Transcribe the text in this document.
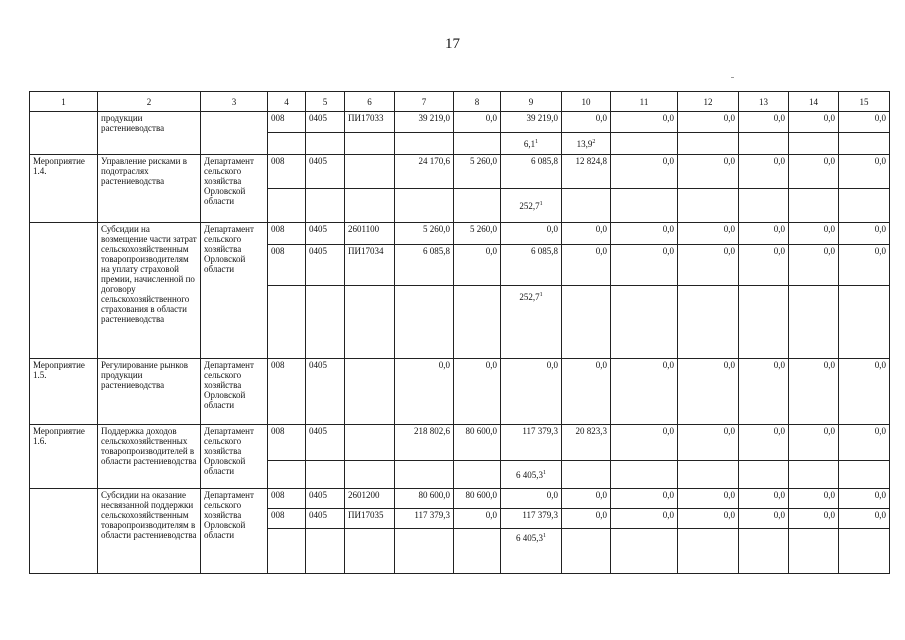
17
1	2	3	4	5	6	7	8	9	10	11	12	13	14	15
	продукции растениеводства		008	0405	ПИ17033	39 219,0	0,0	39 219,0	0,0	0,0	0,0	0,0	0,0	0,0
								$6,1^1$	13,9$^2$					
Мероприятие 1.4.	Управление рисками в подотраслях растениеводства	Департамент сельского хозяйства Орловской области	008	0405		24 170,6	5 260,0	6 085,8	12 824,8	0,0	0,0	0,0	0,0	0,0
								252,7$^1$						
	Субсидии на возмещение части затрат сельскохозяйственным товаропроизводителям на уплату страховой премии, начисленной по договору сельскохозяйственного страхования в области растениеводства	Департамент сельского хозяйства Орловской области	008	0405	2601100	5 260,0	5 260,0	0,0	0,0	0,0	0,0	0,0	0,0	0,0
			008	0405	ПИ17034	6 085,8	0,0	6 085,8	0,0	0,0	0,0	0,0	0,0	0,0
								252,7$^1$						
Мероприятие 1.5.	Регулирование рынков продукции растениеводства	Департамент сельского хозяйства Орловской области	008	0405		0,0	0,0	0,0	0,0	0,0	0,0	0,0	0,0	0,0
Мероприятие 1.6.	Поддержка доходов сельскохозяйственных товаропроизводителей в области растениеводства	Департамент сельского хозяйства Орловской области	008	0405		218 802,6	80 600,0	117 379,3	20 823,3	0,0	0,0	0,0	0,0	0,0
								6 405,3$^1$						
	Субсидии на оказание несвязанной поддержки сельскохозяйственным товаропроизводителям в области растениеводства	Департамент сельского хозяйства Орловской области	008	0405	2601200	80 600,0	80 600,0	0,0	0,0	0,0	0,0	0,0	0,0	0,0
			008	0405	ПИ17035	117 379,3	0,0	117 379,3	0,0	0,0	0,0	0,0	0,0	0,0
								6 405,3$^1$						
